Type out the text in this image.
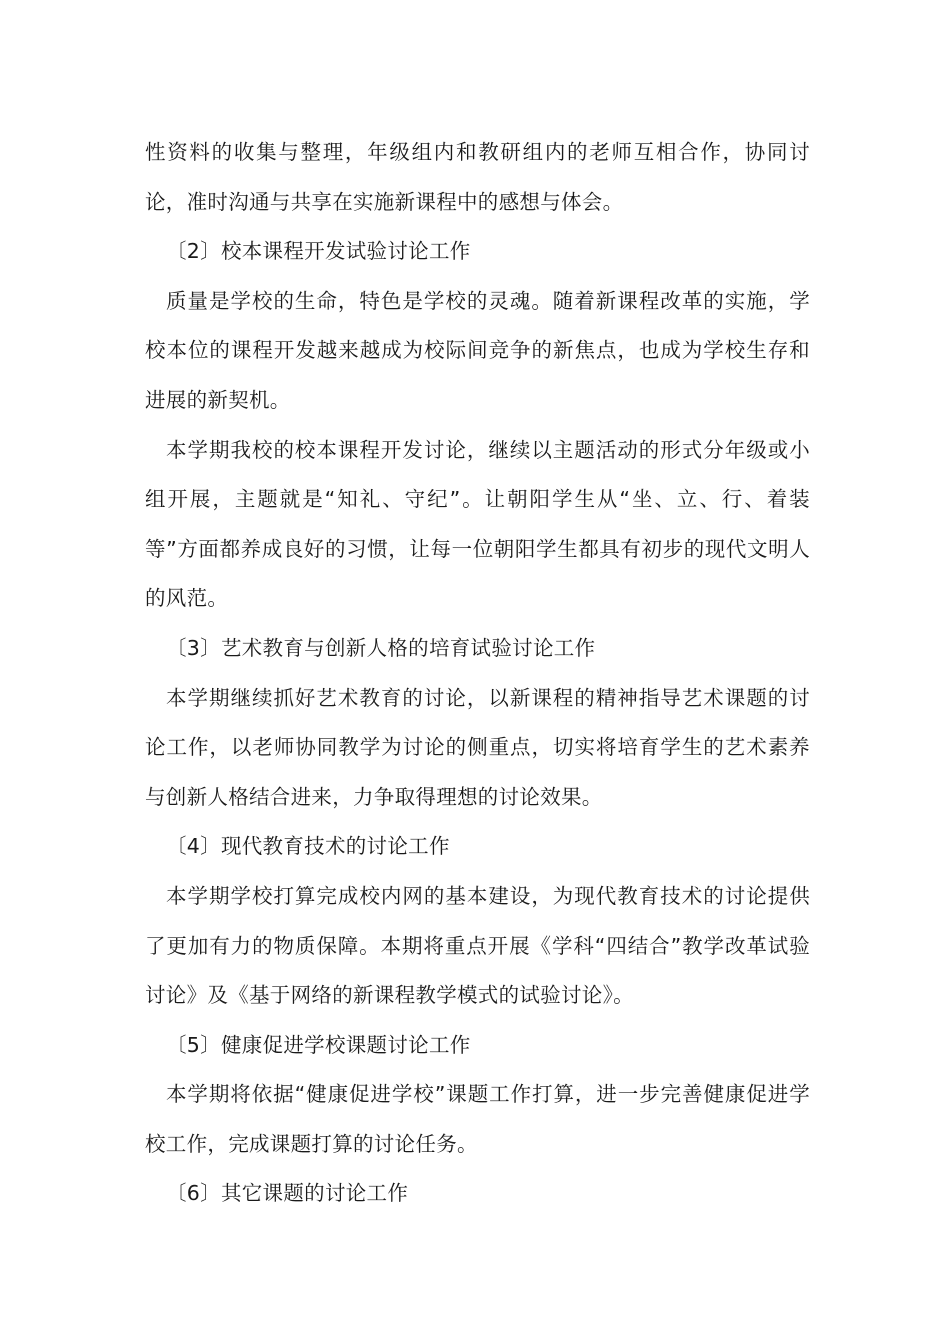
性资料的收集与整理，年级组内和教研组内的老师互相合作，协同讨论，准时沟通与共享在实施新课程中的感想与体会。

〔2〕校本课程开发试验讨论工作

质量是学校的生命，特色是学校的灵魂。随着新课程改革的实施，学校本位的课程开发越来越成为校际间竞争的新焦点，也成为学校生存和进展的新契机。

本学期我校的校本课程开发讨论，继续以主题活动的形式分年级或小组开展，主题就是“知礼、守纪”。让朝阳学生从“坐、立、行、着装等”方面都养成良好的习惯，让每一位朝阳学生都具有初步的现代文明人的风范。

〔3〕艺术教育与创新人格的培育试验讨论工作

本学期继续抓好艺术教育的讨论，以新课程的精神指导艺术课题的讨论工作，以老师协同教学为讨论的侧重点，切实将培育学生的艺术素养与创新人格结合进来，力争取得理想的讨论效果。

〔4〕现代教育技术的讨论工作

本学期学校打算完成校内网的基本建设，为现代教育技术的讨论提供了更加有力的物质保障。本期将重点开展《学科“四结合”教学改革试验讨论》及《基于网络的新课程教学模式的试验讨论》。

〔5〕健康促进学校课题讨论工作

本学期将依据“健康促进学校”课题工作打算，进一步完善健康促进学校工作，完成课题打算的讨论任务。

〔6〕其它课题的讨论工作
